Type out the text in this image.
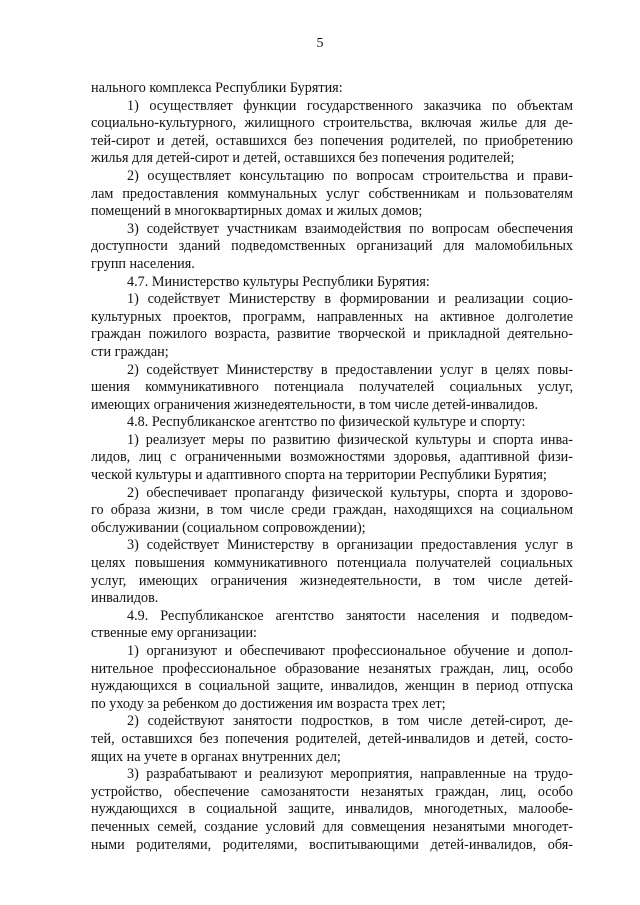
5
нального комплекса Республики Бурятия:
1) осуществляет функции государственного заказчика по объектам
социально-культурного, жилищного строительства, включая жилье для де-
тей-сирот и детей, оставшихся без попечения родителей, по приобретению
жилья для детей-сирот и детей, оставшихся без попечения родителей;
2) осуществляет консультацию по вопросам строительства и прави-
лам предоставления коммунальных услуг собственникам и пользователям
помещений в многоквартирных домах и жилых домов;
3) содействует участникам взаимодействия по вопросам обеспечения
доступности зданий подведомственных организаций для маломобильных
групп населения.
4.7. Министерство культуры Республики Бурятия:
1) содействует Министерству в формировании и реализации социо-
культурных проектов, программ, направленных на активное долголетие
граждан пожилого возраста, развитие творческой и прикладной деятельно-
сти граждан;
2) содействует Министерству в предоставлении услуг в целях повы-
шения коммуникативного потенциала получателей социальных услуг,
имеющих ограничения жизнедеятельности, в том числе детей-инвалидов.
4.8. Республиканское агентство по физической культуре и спорту:
1) реализует меры по развитию физической культуры и спорта инва-
лидов, лиц с ограниченными возможностями здоровья, адаптивной физи-
ческой культуры и адаптивного спорта на территории Республики Бурятия;
2) обеспечивает пропаганду физической культуры, спорта и здорово-
го образа жизни, в том числе среди граждан, находящихся на социальном
обслуживании (социальном сопровождении);
3) содействует Министерству в организации предоставления услуг в
целях повышения коммуникативного потенциала получателей социальных
услуг, имеющих ограничения жизнедеятельности, в том числе детей-
инвалидов.
4.9. Республиканское агентство занятости населения и подведом-
ственные ему организации:
1) организуют и обеспечивают профессиональное обучение и допол-
нительное профессиональное образование незанятых граждан, лиц, особо
нуждающихся в социальной защите, инвалидов, женщин в период отпуска
по уходу за ребенком до достижения им возраста трех лет;
2) содействуют занятости подростков, в том числе детей-сирот, де-
тей, оставшихся без попечения родителей, детей-инвалидов и детей, состо-
ящих на учете в органах внутренних дел;
3) разрабатывают и реализуют мероприятия, направленные на трудо-
устройство, обеспечение самозанятости незанятых граждан, лиц, особо
нуждающихся в социальной защите, инвалидов, многодетных, малообе-
печенных семей, создание условий для совмещения незанятыми многодет-
ными родителями, родителями, воспитывающими детей-инвалидов, обя-
